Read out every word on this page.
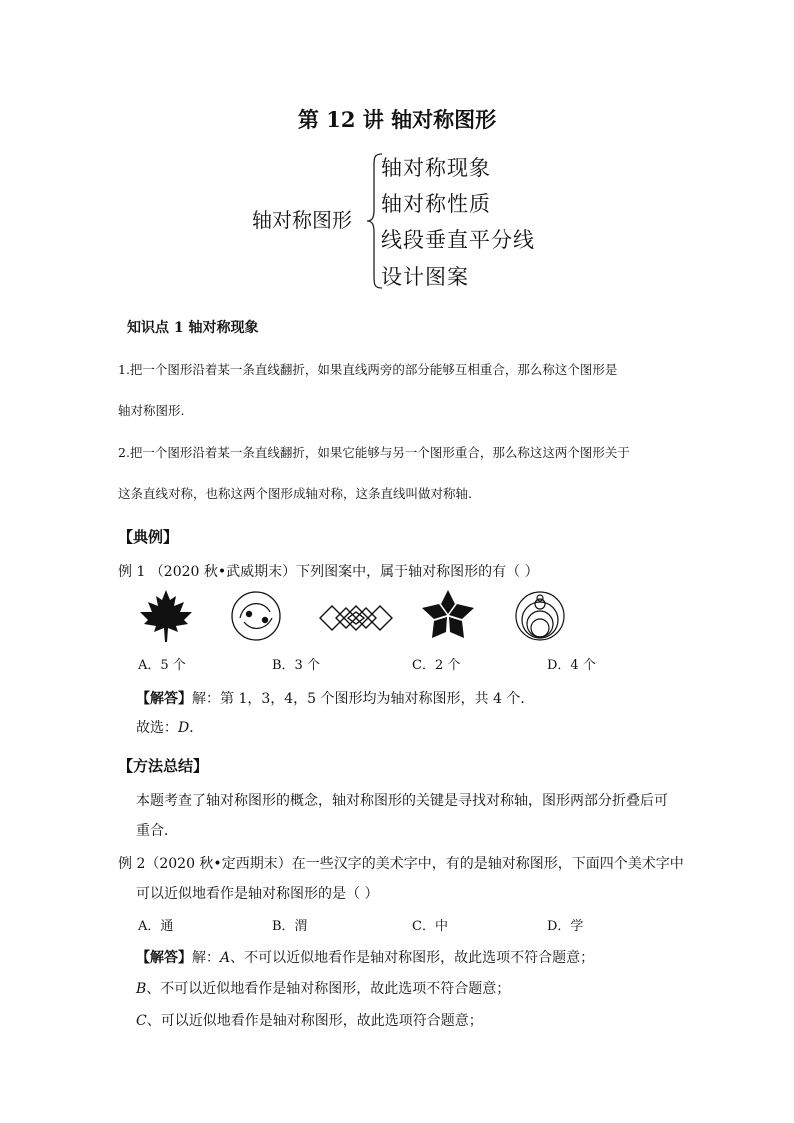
第 12 讲 轴对称图形
轴对称图形
轴对称现象
轴对称性质
线段垂直平分线
设计图案
知识点 1 轴对称现象
1.把一个图形沿着某一条直线翻折，如果直线两旁的部分能够互相重合，那么称这个图形是
轴对称图形.
2.把一个图形沿着某一条直线翻折，如果它能够与另一个图形重合，那么称这这两个图形关于
这条直线对称，也称这两个图形成轴对称，这条直线叫做对称轴.
【典例】
例 1 （2020 秋•武威期末）下列图案中，属于轴对称图形的有（ ）
A．5 个	B．3 个	C．2 个	D．4 个
【解答】解：第 1，3，4，5 个图形均为轴对称图形，共 4 个．
故选：D．
【方法总结】
本题考查了轴对称图形的概念，轴对称图形的关键是寻找对称轴，图形两部分折叠后可
重合．
例 2（2020 秋•定西期末）在一些汉字的美术字中，有的是轴对称图形，下面四个美术字中
可以近似地看作是轴对称图形的是（ ）
A．通	B．渭	C．中	D．学
【解答】解：A、不可以近似地看作是轴对称图形，故此选项不符合题意；
B、不可以近似地看作是轴对称图形，故此选项不符合题意；
C、可以近似地看作是轴对称图形，故此选项符合题意；
